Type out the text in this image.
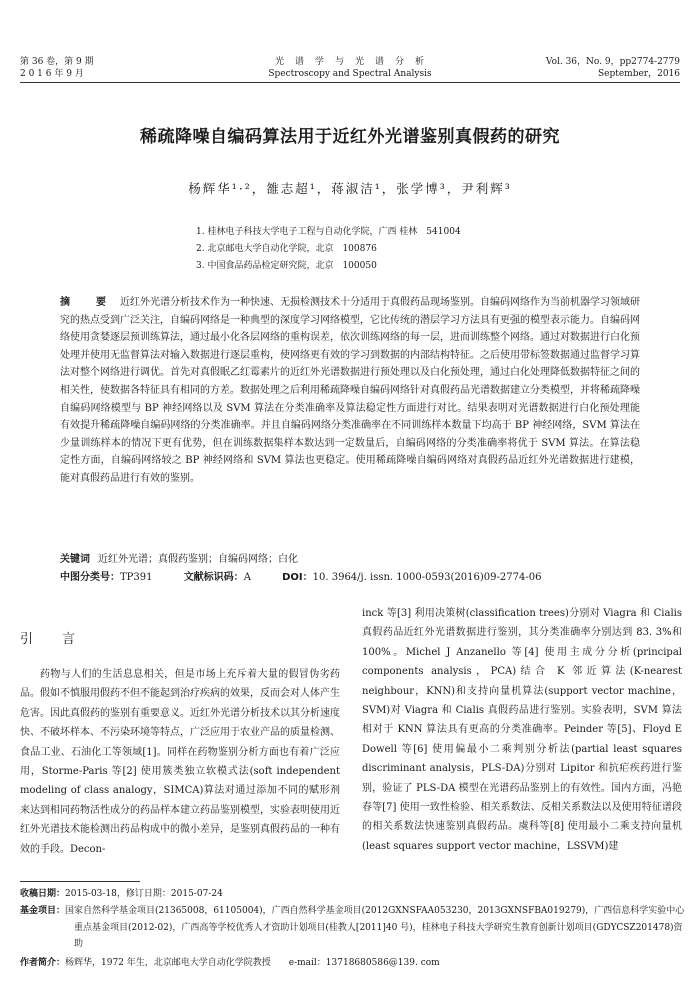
第 36 卷，第 9 期
2 0 1 6 年 9 月
光　谱　学　与　光　谱　分　析
Spectroscopy and Spectral Analysis
Vol. 36，No. 9，pp2774-2779
September，2016
稀疏降噪自编码算法用于近红外光谱鉴别真假药的研究
杨辉华¹·²，雒志超¹，蒋淑洁¹，张学博³，尹利辉³
1. 桂林电子科技大学电子工程与自动化学院，广西 桂林　541004
2. 北京邮电大学自动化学院，北京　100876
3. 中国食品药品检定研究院，北京　100050
摘　要 近红外光谱分析技术作为一种快速、无损检测技术十分适用于真假药品现场鉴别。自编码网络作为当前机器学习领域研究的热点受到广泛关注，自编码网络是一种典型的深度学习网络模型，它比传统的潜层学习方法具有更强的模型表示能力。自编码网络使用贪婪逐层预训练算法，通过最小化各层网络的重构误差，依次训练网络的每一层，进而训练整个网络。通过对数据进行白化预处理并使用无监督算法对输入数据进行逐层重构，使网络更有效的学习到数据的内部结构特征。之后使用带标签数据通过监督学习算法对整个网络进行调优。首先对真假眠乙红霉素片的近红外光谱数据进行预处理以及白化预处理，通过白化处理降低数据特征之间的相关性，使数据各特征具有相同的方差。数据处理之后利用稀疏降噪自编码网络针对真假药品光谱数据建立分类模型，并将稀疏降噪自编码网络模型与 BP 神经网络以及 SVM 算法在分类准确率及算法稳定性方面进行对比。结果表明对光谱数据进行白化预处理能有效提升稀疏降噪自编码网络的分类准确率。并且自编码网络分类准确率在不同训练样本数量下均高于 BP 神经网络，SVM 算法在少量训练样本的情况下更有优势，但在训练数据集样本数达到一定数量后，自编码网络的分类准确率将优于 SVM 算法。在算法稳定性方面，自编码网络较之 BP 神经网络和 SVM 算法也更稳定。使用稀疏降噪自编码网络对真假药品近红外光谱数据进行建模，能对真假药品进行有效的鉴别。
关键词 近红外光谱；真假药鉴别；自编码网络；白化
中图分类号：TP391	文献标识码：A	DOI：10. 3964/j. issn. 1000-0593(2016)09-2774-06
引　言
药物与人们的生活息息相关，但是市场上充斥着大量的假冒伪劣药品。假如不慎服用假药不但不能起到治疗疾病的效果，反而会对人体产生危害。因此真假药的鉴别有重要意义。近红外光谱分析技术以其分析速度快、不破坏样本、不污染环境等特点，广泛应用于农业产品的质量检测、食品工业、石油化工等领域[1]。同样在药物鉴别分析方面也有着广泛应用，Storme-Paris 等[2] 使用簇类独立软模式法(soft independent modeling of class analogy，SIMCA)算法对通过添加不同的赋形剂来达到相同药物活性成分的药品样本建立药品鉴别模型，实验表明使用近红外光谱技术能检测出药品构成中的微小差异，是鉴别真假药品的一种有效的手段。Decon-
inck 等[3] 利用决策树(classification trees)分别对 Viagra 和 Cialis 真假药品近红外光谱数据进行鉴别，其分类准确率分别达到 83. 3%和 100%。Michel J Anzanello 等[4] 使用主成分分析(principal components analysis，PCA)结合 K 邻近算法(K-nearest neighbour，KNN)和支持向量机算法(support vector machine，SVM)对 Viagra 和 Cialis 真假药品进行鉴别。实验表明，SVM 算法相对于 KNN 算法具有更高的分类准确率。Peinder 等[5]、Floyd E Dowell 等[6] 使用偏最小二乘判别分析法(partial least squares discriminant analysis，PLS-DA)分别对 Lipitor 和抗疟疾药进行鉴别，验证了 PLS-DA 模型在光谱药品鉴别上的有效性。国内方面，冯艳春等[7] 使用一致性检验、相关系数法、反相关系数法以及使用特征谱段的相关系数法快速鉴别真假药品。虞科等[8] 使用最小二乘支持向量机(least squares support vector machine，LSSVM)建
收稿日期：2015-03-18，修订日期：2015-07-24
基金项目：国家自然科学基金项目(21365008，61105004)，广西自然科学基金项目(2012GXNSFAA053230，2013GXNSFBA019279)，广西信息科学实验中心重点基金项目(2012-02)，广西高等学校优秀人才资助计划项目(桂教人[2011]40 号)，桂林电子科技大学研究生教育创新计划项目(GDYCSZ201478)资助
作者简介：杨辉华，1972 年生，北京邮电大学自动化学院教授　　e-mail：13718680586@139. com
